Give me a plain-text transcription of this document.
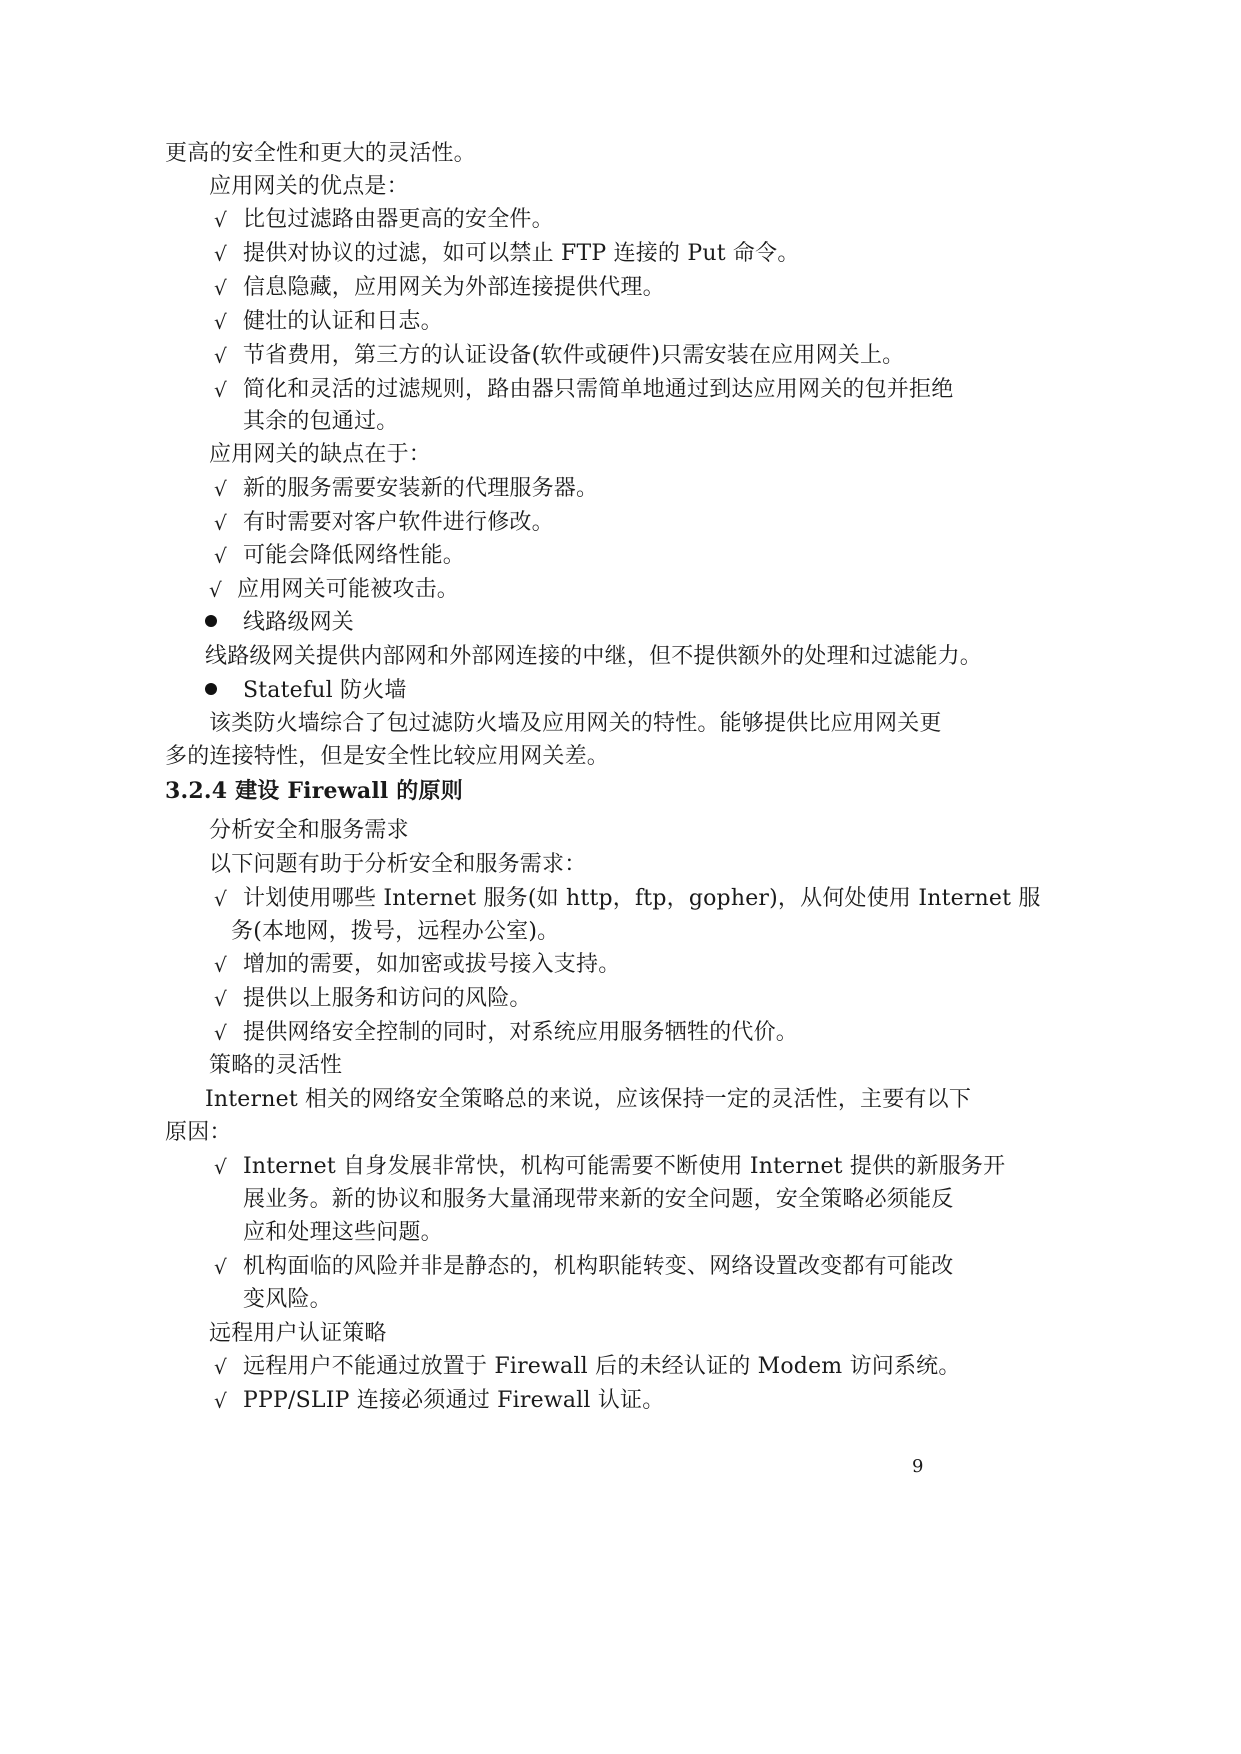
更高的安全性和更大的灵活性。
应用网关的优点是：
√ 比包过滤路由器更高的安全件。
√ 提供对协议的过滤，如可以禁止 FTP 连接的 Put 命令。
√ 信息隐藏，应用网关为外部连接提供代理。
√ 健壮的认证和日志。
√ 节省费用，第三方的认证设备(软件或硬件)只需安装在应用网关上。
√ 简化和灵活的过滤规则，路由器只需简单地通过到达应用网关的包并拒绝
其余的包通过。
应用网关的缺点在于：
√ 新的服务需要安装新的代理服务器。
√ 有时需要对客户软件进行修改。
√ 可能会降低网络性能。
√ 应用网关可能被攻击。
线路级网关
线路级网关提供内部网和外部网连接的中继，但不提供额外的处理和过滤能力。
Stateful 防火墙
该类防火墙综合了包过滤防火墙及应用网关的特性。能够提供比应用网关更
多的连接特性，但是安全性比较应用网关差。
3.2.4 建设 Firewall 的原则
分析安全和服务需求
以下问题有助于分析安全和服务需求：
√ 计划使用哪些 Internet 服务(如 http，ftp，gopher)，从何处使用 Internet 服
务(本地网，拨号，远程办公室)。
√ 增加的需要，如加密或拔号接入支持。
√ 提供以上服务和访问的风险。
√ 提供网络安全控制的同时，对系统应用服务牺牲的代价。
策略的灵活性
Internet 相关的网络安全策略总的来说，应该保持一定的灵活性，主要有以下
原因：
√ Internet 自身发展非常快，机构可能需要不断使用 Internet 提供的新服务开
展业务。新的协议和服务大量涌现带来新的安全问题，安全策略必须能反
应和处理这些问题。
√ 机构面临的风险并非是静态的，机构职能转变、网络设置改变都有可能改
变风险。
远程用户认证策略
√ 远程用户不能通过放置于 Firewall 后的未经认证的 Modem 访问系统。
√ PPP/SLIP 连接必须通过 Firewall 认证。
9
